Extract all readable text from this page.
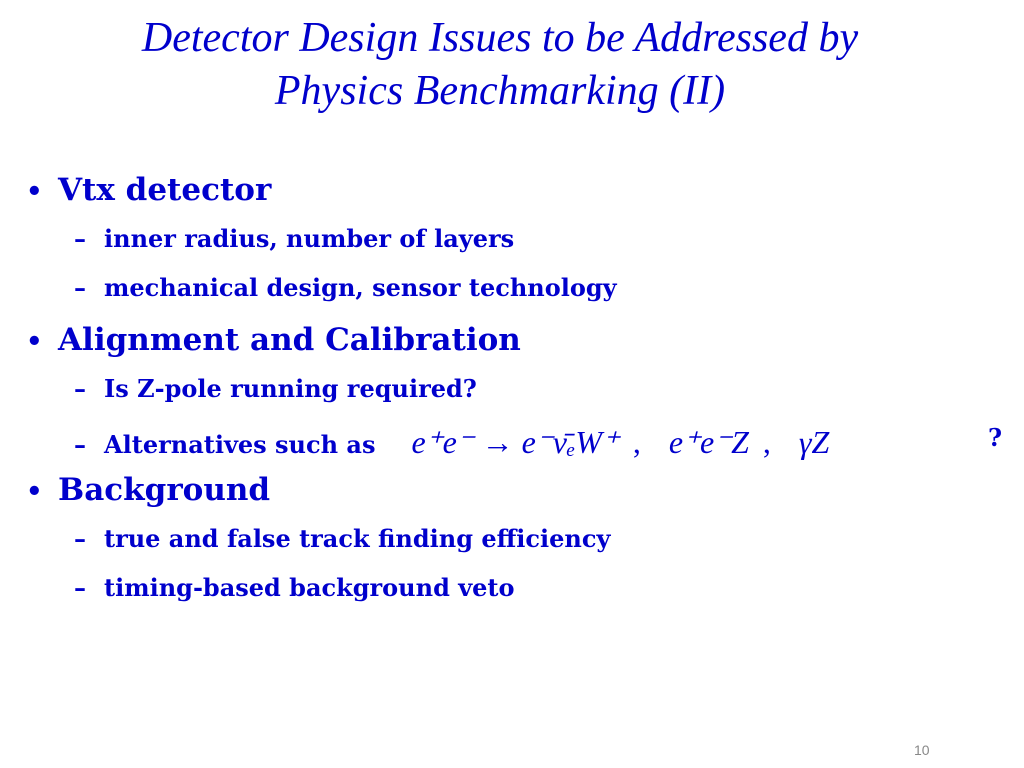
Detector Design Issues to be Addressed by
Physics Benchmarking (II)
• Vtx detector
– inner radius, number of layers
– mechanical design, sensor technology
• Alignment and Calibration
– Is Z-pole running required?
– Alternatives such as e⁺e⁻ → e⁻ν̄ₑW⁺ , e⁺e⁻Z , γZ	?
• Background
– true and false track finding efficiency
– timing-based background veto
10
